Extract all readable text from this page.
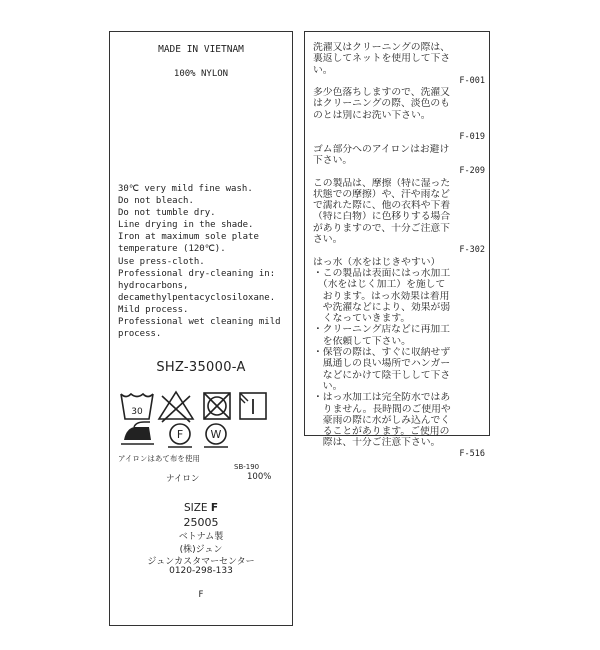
MADE IN VIETNAM
100% NYLON
30℃ very mild fine wash.
Do not bleach.
Do not tumble dry.
Line drying in the shade.
Iron at maximum sole plate
temperature (120℃).
Use press-cloth.
Professional dry-cleaning in:
hydrocarbons,
decamethylpentacyclosiloxane.
Mild process.
Professional wet cleaning mild
process.
SHZ-35000-A
30
F W
アイロンはあて布を使用
SB-190
ナイロン	100%
SIZE F
25005
ベトナム製
(株)ジュン
ジュンカスタマーセンター
0120-298-133
F
洗濯又はクリーニングの際は、
裏返してネットを使用して下さ
い。
F-001
多少色落ちしますので、洗濯又
はクリーニングの際、淡色のも
のとは別にお洗い下さい。
F-019
ゴム部分へのアイロンはお避け
下さい。
F-209
この製品は、摩擦（特に湿った
状態での摩擦）や、汗や雨など
で濡れた際に、他の衣料や下着
（特に白物）に色移りする場合
がありますので、十分ご注意下
さい。
F-302
はっ水（水をはじきやすい）
・この製品は表面にはっ水加工
　（水をはじく加工）を施して
　おります。はっ水効果は着用
　や洗濯などにより、効果が弱
　くなっていきます。
・クリーニング店などに再加工
　を依頼して下さい。
・保管の際は、すぐに収納せず
　風通しの良い場所でハンガー
　などにかけて陰干しして下さ
　い。
・はっ水加工は完全防水ではあ
　りません。長時間のご使用や
　豪雨の際に水がしみ込んでく
　ることがあります。ご使用の
　際は、十分ご注意下さい。
F-516
